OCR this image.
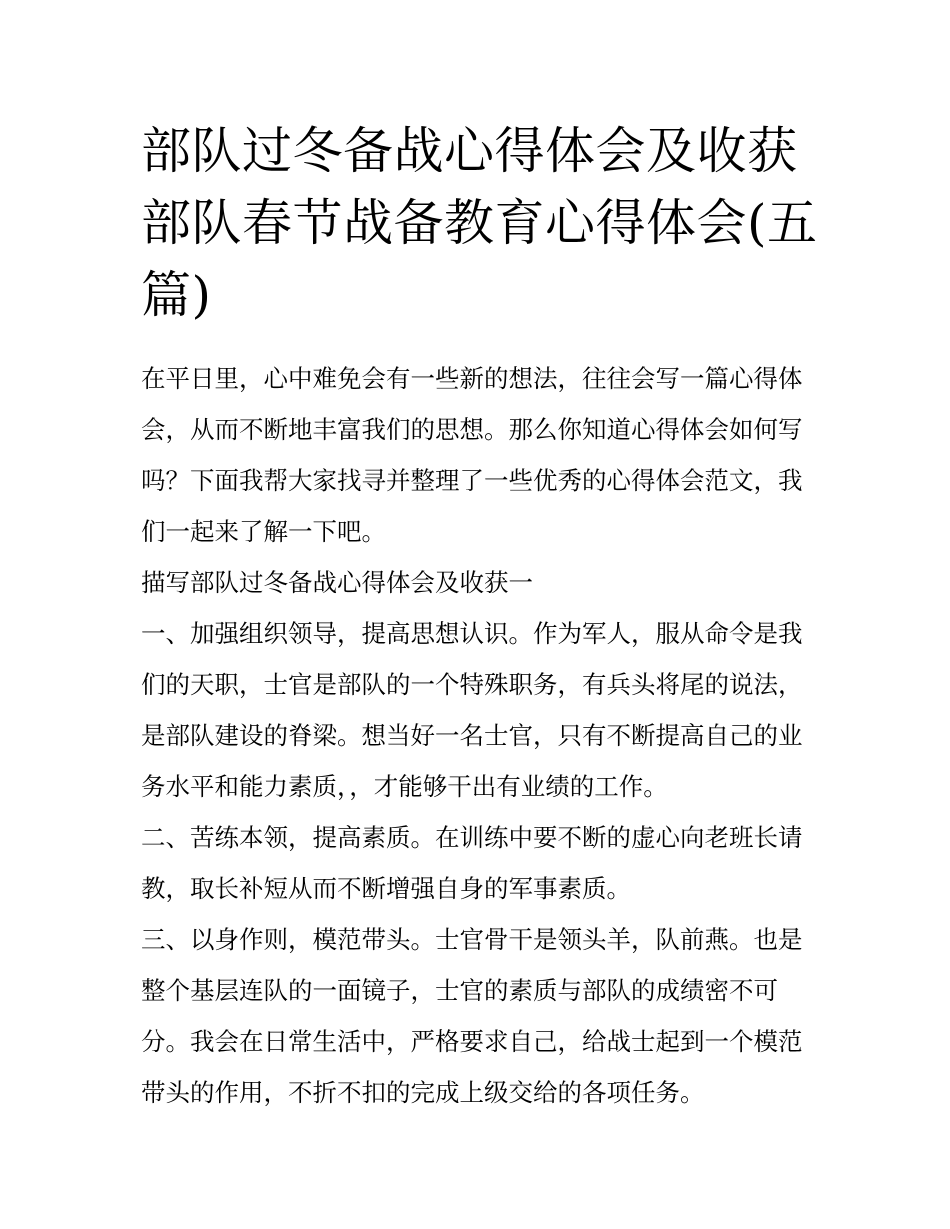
部队过冬备战心得体会及收获部队春节战备教育心得体会(五篇)

在平日里，心中难免会有一些新的想法，往往会写一篇心得体会，从而不断地丰富我们的思想。那么你知道心得体会如何写吗？下面我帮大家找寻并整理了一些优秀的心得体会范文，我们一起来了解一下吧。

描写部队过冬备战心得体会及收获一

一、加强组织领导，提高思想认识。作为军人，服从命令是我们的天职，士官是部队的一个特殊职务，有兵头将尾的说法，是部队建设的脊梁。想当好一名士官，只有不断提高自己的业务水平和能力素质，，才能够干出有业绩的工作。

二、苦练本领，提高素质。在训练中要不断的虚心向老班长请教，取长补短从而不断增强自身的军事素质。

三、以身作则，模范带头。士官骨干是领头羊，队前燕。也是整个基层连队的一面镜子，士官的素质与部队的成绩密不可分。我会在日常生活中，严格要求自己，给战士起到一个模范带头的作用，不折不扣的完成上级交给的各项任务。
